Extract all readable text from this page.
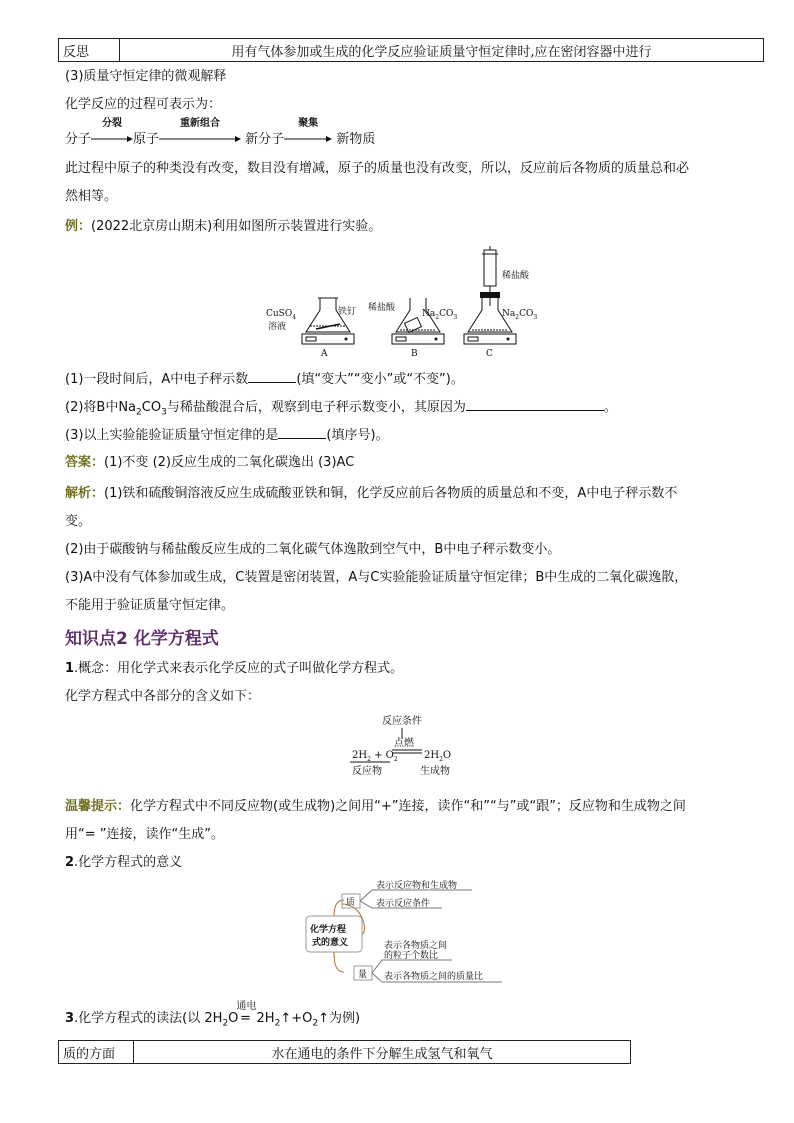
反思	用有气体参加或生成的化学反应验证质量守恒定律时,应在密闭容器中进行
(3)质量守恒定律的微观解释
化学反应的过程可表示为：
分子
分裂
原子
重新组合
新分子
聚集
新物质
此过程中原子的种类没有改变，数目没有增减，原子的质量也没有改变，所以，反应前后各物质的质量总和必
然相等。
例：(2022北京房山期末)利用如图所示装置进行实验。
CuSO$_4$
溶液
铁钉
A
稀盐酸
$Na_2CO_3$
B
稀盐酸
$Na_2CO_3$
C
(1)一段时间后，A中电子秤示数	(填“变大”“变小”或“不变”)。
(2)将B中$Na_2CO_3$与稀盐酸混合后，观察到电子秤示数变小，其原因为	。
(3)以上实验能验证质量守恒定律的是	(填序号)。
答案：(1)不变 (2)反应生成的二氧化碳逸出 (3)AC
解析：(1)铁和硫酸铜溶液反应生成硫酸亚铁和铜，化学反应前后各物质的质量总和不变，A中电子秤示数不
变。
(2)由于碳酸钠与稀盐酸反应生成的二氧化碳气体逸散到空气中，B中电子秤示数变小。
(3)A中没有气体参加或生成，C装置是密闭装置，A与C实验能验证质量守恒定律；B中生成的二氧化碳逸散，
不能用于验证质量守恒定律。
知识点2 化学方程式
1.概念：用化学式来表示化学反应的式子叫做化学方程式。
化学方程式中各部分的含义如下：
反应条件
点燃
$2H_2 + O_2$	$2H_2O$
反应物	生成物
温馨提示：化学方程式中不同反应物(或生成物)之间用“+”连接，读作“和”“与”或“跟”；反应物和生成物之间
用“= ”连接，读作“生成”。
2.化学方程式的意义
化学方程
式的意义
质
量
表示反应物和生成物
表示反应条件
表示各物质之间
的粒子个数比
表示各物质之间的质量比
3.化学方程式的读法(以 $2H_2O$
通电
= $2H_2↑+O_2↑$为例)
质的方面	水在通电的条件下分解生成氢气和氧气
